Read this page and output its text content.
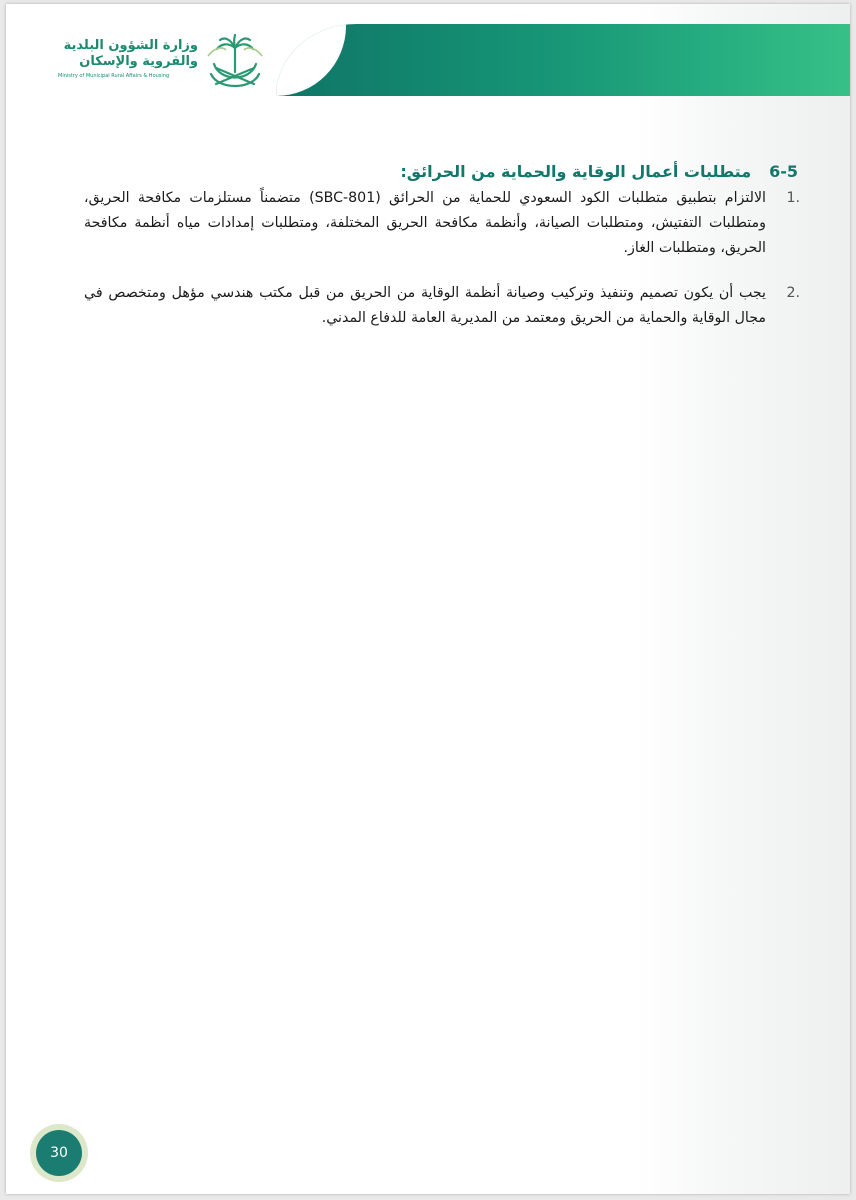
وزارة الشؤون البلدية
والقروية والإسكان
Ministry of Municipal Rural Affairs & Housing
6-5
متطلبات أعمال الوقاية والحماية من الحرائق:
1.
الالتزام بتطبيق متطلبات الكود السعودي للحماية من الحرائق (SBC-801) متضمناً مستلزمات مكافحة الحريق، ومتطلبات التفتيش، ومتطلبات الصيانة، وأنظمة مكافحة الحريق المختلفة، ومتطلبات إمدادات مياه أنظمة مكافحة الحريق، ومتطلبات الغاز.
2.
يجب أن يكون تصميم وتنفيذ وتركيب وصيانة أنظمة الوقاية من الحريق من قبل مكتب هندسي مؤهل ومتخصص في مجال الوقاية والحماية من الحريق ومعتمد من المديرية العامة للدفاع المدني.
30
